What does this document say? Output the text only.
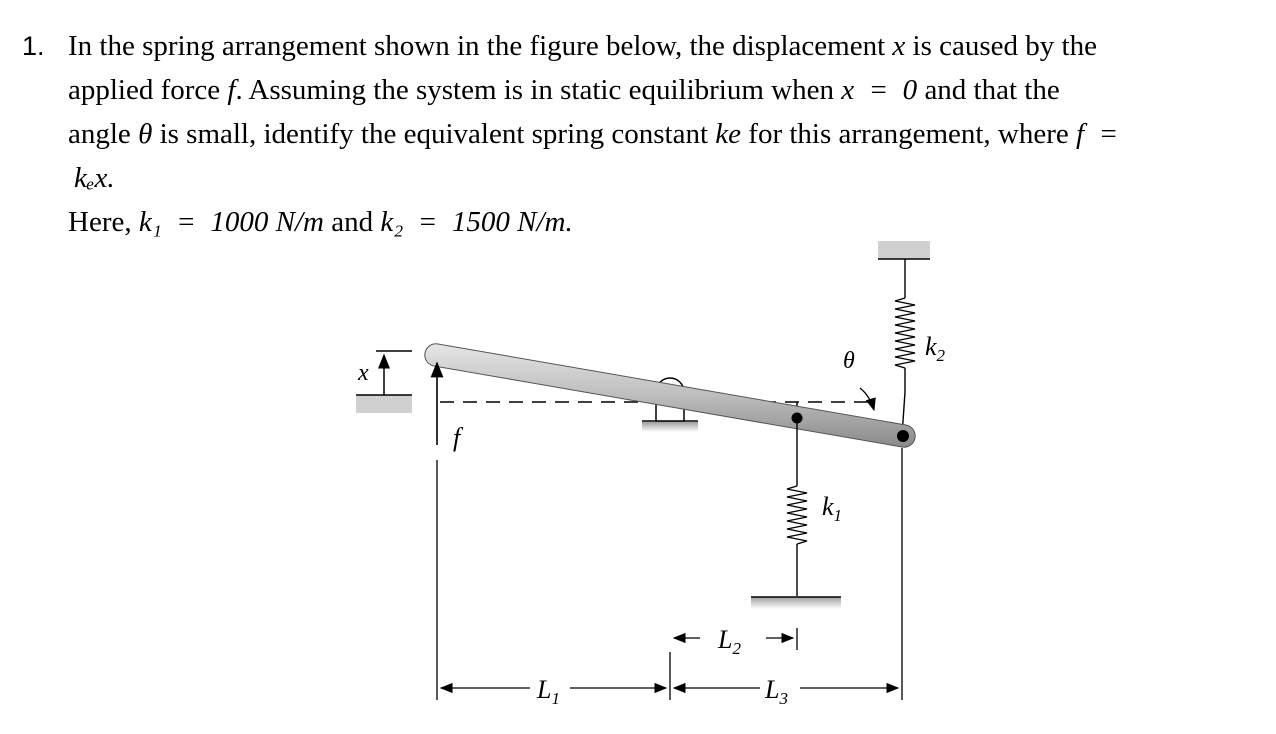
1. In the spring arrangement shown in the figure below, the displacement x is caused by the
applied force f. Assuming the system is in static equilibrium when x  =  0 and that the
angle θ is small, identify the equivalent spring constant ke for this arrangement, where f  =
kₑx.
Here, k₁  =  1000 N/m and k₂  =  1500 N/m.
x
f
θ
$k_1$
$k_2$
$L_2$
$L_1$	$L_3$
